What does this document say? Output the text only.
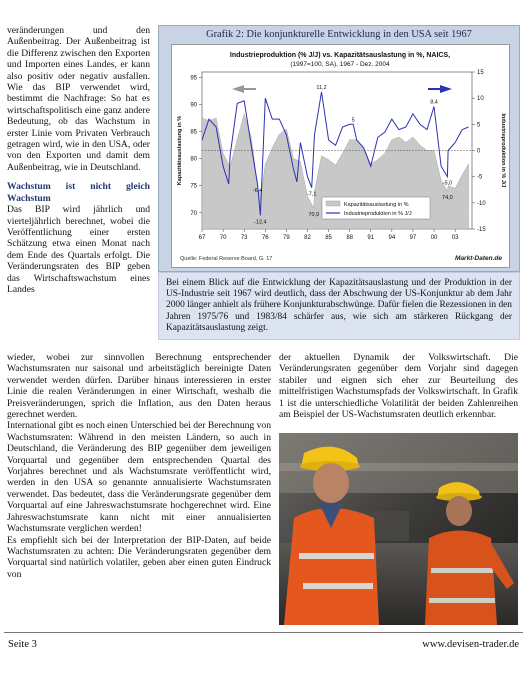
veränderungen und den Außenbeitrag. Der Außenbeitrag ist die Differenz zwischen den Exporten und Importen eines Landes, er kann also positiv oder negativ ausfallen. Wie das BIP verwendet wird, bestimmt die Nachfrage: So hat es wirtschaftspolitisch eine ganz andere Bedeutung, ob das Wachstum in erster Linie vom Privaten Verbrauch getragen wird, wie in den USA, oder von den Exporten und damit dem Außenbeitrag, wie in Deutschland.

Wachstum ist nicht gleich Wachstum

Das BIP wird jährlich und vierteljährlich berechnet, wobei die Veröffentlichung einer ersten Schätzung etwa einen Monat nach dem Ende des Quartals erfolgt. Die Veränderungsraten des BIP geben das Wirtschaftswachstum eines Landes

Grafik 2: Die konjunkturelle Entwicklung in den USA seit 1967
Industrieproduktion (% J/J) vs. Kapazitätsauslastung in %, NAICS,
(1997=100, SA), 1967 - Dez. 2004
67 70 73 76 79 82 85 88 91 94 97 00 03
70
75
80
85
90
95
-15
-10
-5
0
5
10
15
Kapazitätsauslastung in %	Industrieproduktion in % J/J
-6,4
-12,4
11,2
5
-7,1
70,9
8,4
-5,0
74,0
Kapazitätsauslastung in %
Industrieproduktion in % J/J
Quelle: Federal Reserve Board, G. 17	Markt-Daten.de

Bei einem Blick auf die Entwicklung der Kapazitätsauslastung und der Produktion in der US-Industrie seit 1967 wird deutlich, dass der Abschwung der US-Konjunktur ab dem Jahr 2000 länger anhielt als frühere Konjunkturabschwünge. Dafür fielen die Rezessionen in den Jahren 1975/76 und 1983/84 schärfer aus, wie sich am stärkeren Rückgang der Kapazitätsauslastung zeigt.

wieder, wobei zur sinnvollen Berechnung entsprechender Wachstumsraten nur saisonal und arbeitstäglich bereinigte Daten verwendet werden dürfen. Darüber hinaus interessieren in erster Linie die realen Veränderungen in einer Wirtschaft, weshalb die Preisveränderungen, sprich die Inflation, aus den Daten heraus gerechnet werden.

International gibt es noch einen Unterschied bei der Berechnung von Wachstumsraten: Während in den meisten Ländern, so auch in Deutschland, die Veränderung des BIP gegenüber dem jeweiligen Vorquartal und gegenüber dem entsprechenden Quartal des Vorjahres berechnet und als Wachstumsrate veröffentlicht wird, werden in den USA so genannte annualisierte Wachstumsraten verwendet. Das bedeutet, dass die Veränderungsrate gegenüber dem Vorquartal auf eine Jahreswachstumsrate hochgerechnet wird. Eine Jahreswachstumsrate kann nicht mit einer annualisierten Wachstumsrate verglichen werden!

Es empfiehlt sich bei der Interpretation der BIP-Daten, auf beide Wachstumsraten zu achten: Die Veränderungsraten gegenüber dem Vorquartal sind natürlich volatiler, geben aber einen guten Eindruck von

der aktuellen Dynamik der Volkswirtschaft. Die Veränderungsraten gegenüber dem Vorjahr sind dagegen stabiler und eignen sich eher zur Beurteilung des mittelfristigen Wachstumspfads der Volkswirtschaft. In Grafik 1 ist die unterschiedliche Volatilität der beiden Zahlenreihen am Beispiel der US-Wachstumsraten deutlich erkennbar.

Seite 3	www.devisen-trader.de
